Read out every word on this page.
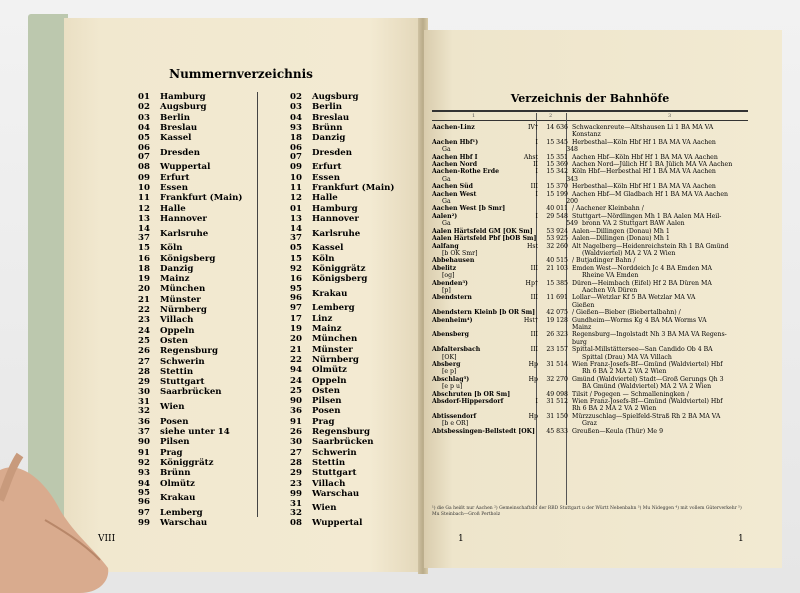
Nummernverzeichnis
01	Hamburg
02	Augsburg
03	Berlin
04	Breslau
05	Kassel
06
07	Dresden
08	Wuppertal
09	Erfurt
10	Essen
11	Frankfurt (Main)
12	Halle
13	Hannover
14
37	Karlsruhe
15	Köln
16	Königsberg
18	Danzig
19	Mainz
20	München
21	Münster
22	Nürnberg
23	Villach
24	Oppeln
25	Osten
26	Regensburg
27	Schwerin
28	Stettin
29	Stuttgart
30	Saarbrücken
31
32	Wien
36	Posen
37	siehe unter 14
90	Pilsen
91	Prag
92	Königgrätz
93	Brünn
94	Olmütz
95
96	Krakau
97	Lemberg
99	Warschau
02	Augsburg
03	Berlin
04	Breslau
93	Brünn
18	Danzig
06
07	Dresden
09	Erfurt
10	Essen
11	Frankfurt (Main)
12	Halle
01	Hamburg
13	Hannover
14
37	Karlsruhe
05	Kassel
15	Köln
92	Königgrätz
16	Königsberg
95
96	Krakau
97	Lemberg
17	Linz
19	Mainz
20	München
21	Münster
22	Nürnberg
94	Olmütz
24	Oppeln
25	Osten
90	Pilsen
36	Posen
91	Prag
26	Regensburg
30	Saarbrücken
27	Schwerin
28	Stettin
29	Stuttgart
23	Villach
99	Warschau
31
32	Wien
08	Wuppertal
VIII
Verzeichnis der Bahnhöfe
1	2	3
Aachen-Linz	IV†	14 636 Schwackenreute—Altshausen Li 1 BA MA VA
Konstanz
Aachen Hbf¹)	I	15 345 Herbesthal—Köln Hbf Hf 1 BA MA VA Aachen
Ga	348
Aachen Hbf I	Ahst	15 351 Aachen Hbf—Köln Hbf Hf 1 BA MA VA Aachen
Aachen Nord	II	15 369 Aachen Nord—Jülich Hf 1 BA Jülich MA VA Aachen
Aachen-Rothe Erde	I	15 342 Köln Hbf—Herbesthal Hf 1 BA MA VA Aachen
Ga	343
Aachen Süd	III	15 370 Herbesthal—Köln Hbf Hf 1 BA MA VA Aachen
Aachen West	I	15 199 Aachen Hbf—M Gladbach Hf 1 BA MA VA Aachen
Ga	200
Aachen West [b Smr]	40 011 / Aachener Kleinbahn /
Aalen²)	I	29 548 Stuttgart—Nördlingen Mh 1 BA Aalen MA Heil-
Ga	549 bronn VA 2 Stuttgart BAW Aalen
Aalen Härtsfeld GM [OK Sm]	53 924 Aalen—Dillingen (Donau) Mh 1
Aalen Härtsfeld Pbf [bOB Sm]	53 925 Aalen—Dillingen (Donau) Mh 1
Aalfang	Hst	32 260 Alt Nagelberg—Heidenreichstein Rh 1 BA Gmünd
[b OK Smr]	(Waldviertel) MA 2 VA 2 Wien
Abbehausen	40 515 / Butjadinger Bahn /
Abelitz	III	21 103 Emden West—Norddeich Jc 4 BA Emden MA
[og]	Rheine VA Emden
Abenden³)	Hp†	15 385 Düren—Heimbach (Eifel) Hf 2 BA Düren MA
[p]	Aachen VA Düren
Abendstern	III	11 691 Lollar—Wetzlar Kf 5 BA Wetzlar MA VA
Gießen
Abendstern Kleinb [b OR Sm]	42 075 / Gießen—Bieber (Biebertalbahn) /
Abenheim⁴)	Hst†	19 128 Gundheim—Worms Kg 4 BA MA Worms VA
Mainz
Abensberg	III	26 323 Regensburg—Ingolstadt Nh 3 BA MA VA Regens-
burg
Abfaltersbach	III	23 157 Spittal-Millstättersee—San Candido Ob 4 BA
[OK]	Spittal (Drau) MA VA Villach
Absberg	Hp	31 514 Wien Franz-Josefs-Bf—Gmünd (Waldviertel) Hbf
[e p]	Rh 6 BA 2 MA 2 VA 2 Wien
Abschlag⁵)	Hp	32 270 Gmünd (Waldviertel) Stadt—Groß Gerungs Qh 3
[e p u]	BA Gmünd (Waldviertel) MA 2 VA 2 Wien
Abschruten [b OR Sm]	49 098 Tilsit / Pogegen — Schmalleningken /
Absdorf-Hippersdorf	I	31 512 Wien Franz-Josefs-Bf—Gmünd (Waldviertel) Hbf
Rh 6 BA 2 MA 2 VA 2 Wien
Abtissendorf	Hp	31 150 Mürzzuschlag—Spielfeld-Straß Rh 2 BA MA VA
[b e OR]	Graz
Abtsbessingen-Bellstedt [OK]	45 833 Greußen—Keula (Thür) Me 9
¹) die Ga heißt nur Aachen ²) Gemeinschaftsbf der RBD Stuttgart u der Württ Nebenbahn ³) Mu Nideggen ⁴) mit vollem Güterverkehr ⁵) Mu Steinbach—Groß Pertholz
1	1
